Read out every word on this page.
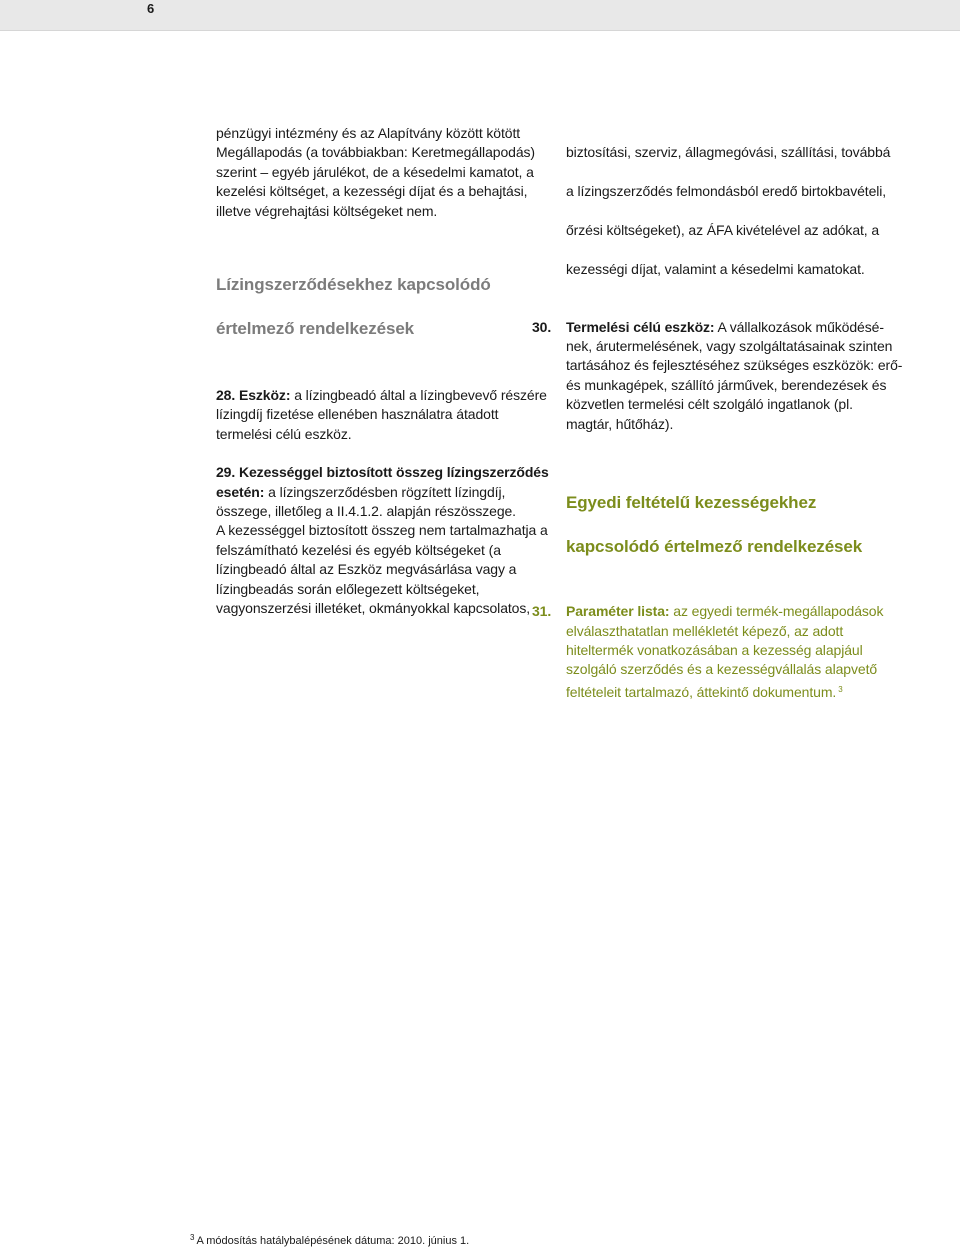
6

pénzügyi intézmény és az Alapítvány között kötött
Megállapodás (a továbbiakban: Keretmegállapodás)
szerint – egyéb járulékot, de a késedelmi kamatot, a
kezelési költséget, a kezességi díjat és a behajtási,
illetve végrehajtási költségeket nem.

Lízingszerződésekhez kapcsolódó

értelmező rendelkezések

28. Eszköz: a lízingbeadó által a lízingbevevő részére
lízingdíj fizetése ellenében használatra átadott
termelési célú eszköz.
29. Kezességgel biztosított összeg lízingszerződés
esetén: a lízingszerződésben rögzített lízingdíj,
összege, illetőleg a II.4.1.2. alapján részösszege.
A kezességgel biztosított összeg nem tartalmazhatja a
felszámítható kezelési és egyéb költségeket (a
lízingbeadó által az Eszköz megvásárlása vagy a
lízingbeadás során előlegezett költségeket,
vagyonszerzési illetéket, okmányokkal kapcsolatos,

biztosítási, szerviz, állagmegóvási, szállítási, továbbá

a lízingszerződés felmondásból eredő birtokbavételi,

őrzési költségeket), az ÁFA kivételével az adókat, a

kezességi díjat, valamint a késedelmi kamatokat.

30.	Termelési célú eszköz: A vállalkozások működésé-
nek, árutermelésének, vagy szolgáltatásainak szinten
tartásához és fejlesztéséhez szükséges eszközök: erő-
és munkagépek, szállító járművek, berendezések és
közvetlen termelési célt szolgáló ingatlanok (pl.
magtár, hűtőház).

Egyedi feltételű kezességekhez

kapcsolódó értelmező rendelkezések

31.	Paraméter lista: az egyedi termék-megállapodások
elválaszthatatlan mellékletét képező, az adott
hiteltermék vonatkozásában a kezesség alapjául
szolgáló szerződés és a kezességvállalás alapvető
feltételeit tartalmazó, áttekintő dokumentum. $^3$
$^3$ A módosítás hatálybalépésének dátuma: 2010. június 1.
